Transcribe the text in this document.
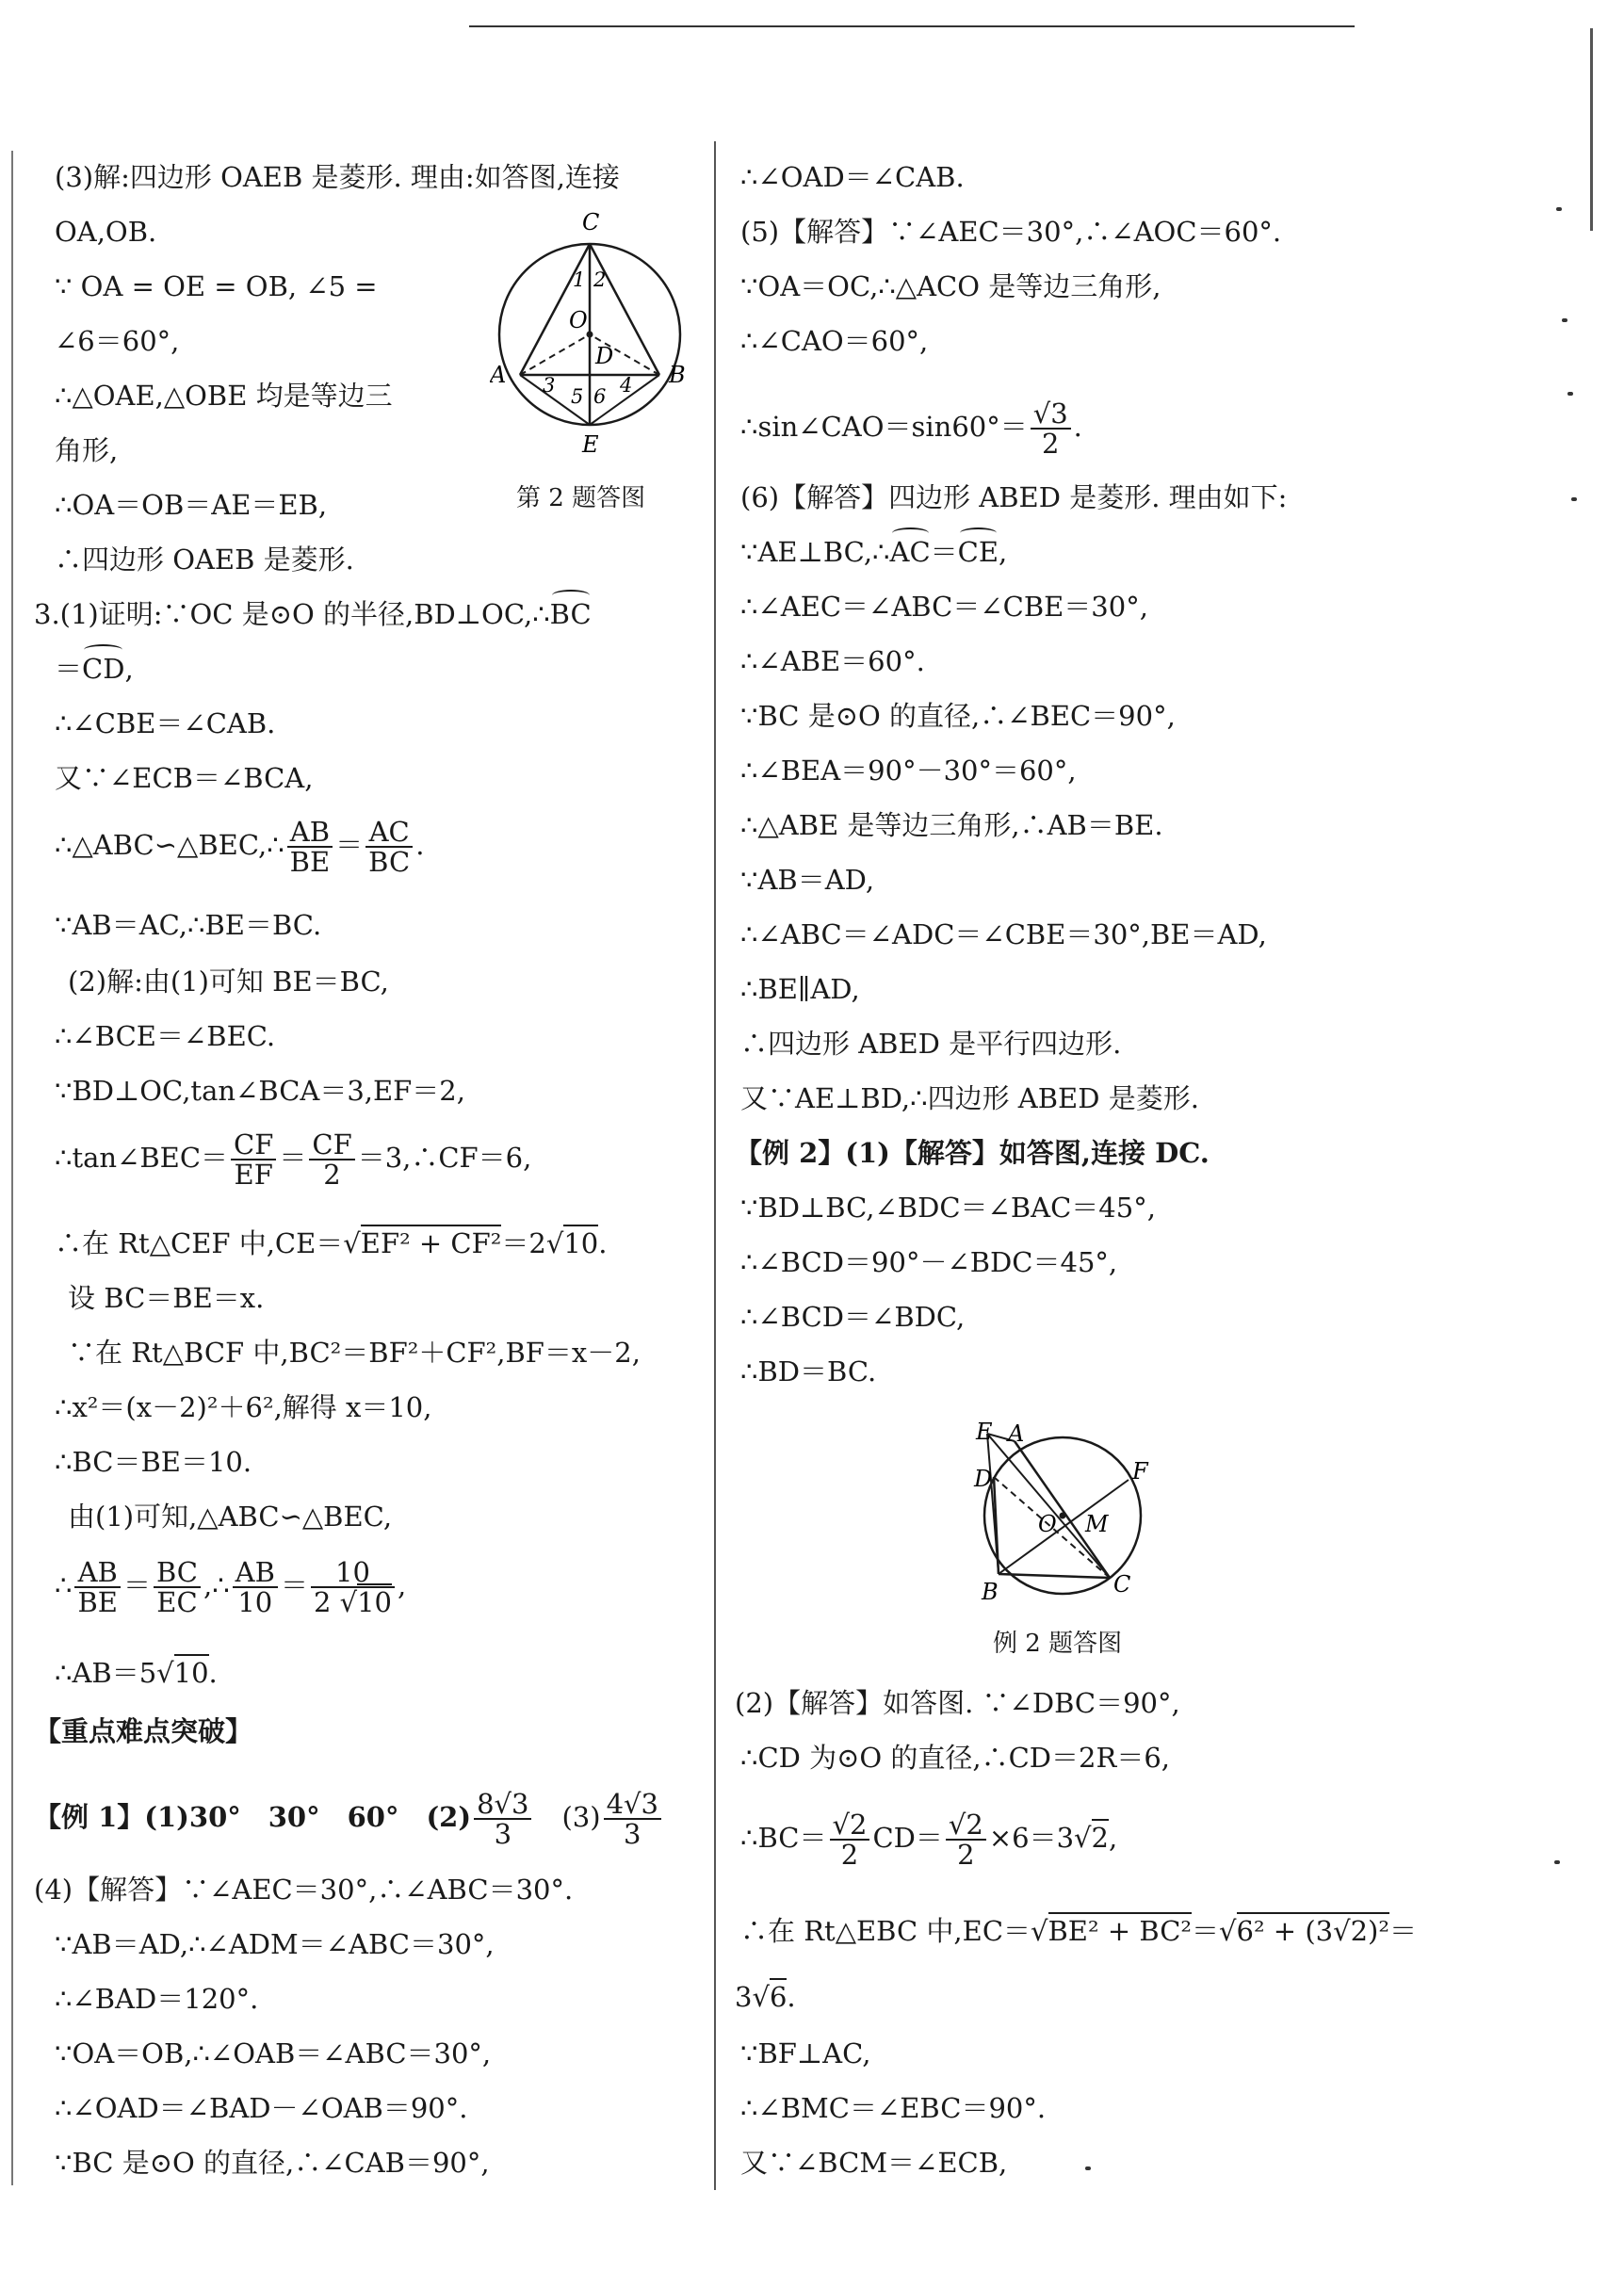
(3)解:四边形 OAEB 是菱形. 理由:如答图,连接
OA,OB.
∵ OA = OE = OB, ∠5 =
∠6＝60°,
∴△OAE,△OBE 均是等边三
角形,
∴OA＝OB＝AE＝EB,
∴四边形 OAEB 是菱形.
C
1 2
O
D
A 3 5 6 4 B
E
第 2 题答图
3.(1)证明:∵OC 是⊙O 的半径,BD⊥OC,∴BC
＝CD,
∴∠CBE＝∠CAB.
又∵∠ECB＝∠BCA,
∴△ABC∽△BEC,∴ $\frac{AB}{BE} = \frac{AC}{BC}$ .
∵AB＝AC,∴BE＝BC.
(2)解:由(1)可知 BE＝BC,
∴∠BCE＝∠BEC.
∵BD⊥OC,tan∠BCA＝3,EF＝2,
∴tan∠BEC＝ $\frac{CF}{EF} = \frac{CF}{2}$ ＝3,∴CF＝6,
∴在 Rt△CEF 中,CE＝√EF² + CF²＝2√10.
设 BC＝BE＝x.
∵在 Rt△BCF 中,BC²＝BF²＋CF²,BF＝x－2,
∴x²＝(x－2)²＋6²,解得 x＝10,
∴BC＝BE＝10.
由(1)可知,△ABC∽△BEC,
∴ $\frac{AB}{BE} = \frac{BC}{EC}$ ,∴ $\frac{AB}{10} = \frac{10}{2 √10}$ ,
∴AB＝5√10.
【重点难点突破】
【例 1】(1)30°　30°　60°　$(2) \frac{8√3}{3}$ 　$(3) \frac{4√3}{3}$
(4)【解答】∵∠AEC＝30°,∴∠ABC＝30°.
∵AB＝AD,∴∠ADM＝∠ABC＝30°,
∴∠BAD＝120°.
∵OA＝OB,∴∠OAB＝∠ABC＝30°,
∴∠OAD＝∠BAD－∠OAB＝90°.
∵BC 是⊙O 的直径,∴∠CAB＝90°,
∴∠OAD＝∠CAB.
(5)【解答】∵∠AEC＝30°,∴∠AOC＝60°.
∵OA＝OC,∴△ACO 是等边三角形,
∴∠CAO＝60°,
∴sin∠CAO＝sin60°＝ $\frac{√3}{2}$ .
(6)【解答】四边形 ABED 是菱形. 理由如下:
∵AE⊥BC,∴AC＝CE,
∴∠AEC＝∠ABC＝∠CBE＝30°,
∴∠ABE＝60°.
∵BC 是⊙O 的直径,∴∠BEC＝90°,
∴∠BEA＝90°－30°＝60°,
∴△ABE 是等边三角形,∴AB＝BE.
∵AB＝AD,
∴∠ABC＝∠ADC＝∠CBE＝30°,BE＝AD,
∴BE∥AD,
∴四边形 ABED 是平行四边形.
又∵AE⊥BD,∴四边形 ABED 是菱形.
【例 2】(1)【解答】如答图,连接 DC.
∵BD⊥BC,∠BDC＝∠BAC＝45°,
∴∠BCD＝90°－∠BDC＝45°,
∴∠BCD＝∠BDC,
∴BD＝BC.
E A
D	F
O M
B	C
例 2 题答图
(2)【解答】如答图. ∵∠DBC＝90°,
∴CD 为⊙O 的直径,∴CD＝2R＝6,
∴BC＝ $\frac{√2}{2} CD= \frac{√2}{2} \times 6=3√2$,
∴在 Rt△EBC 中,EC＝√BE² + BC²＝√6² + (3√2)²＝
3√6.
∵BF⊥AC,
∴∠BMC＝∠EBC＝90°.
又∵∠BCM＝∠ECB,
